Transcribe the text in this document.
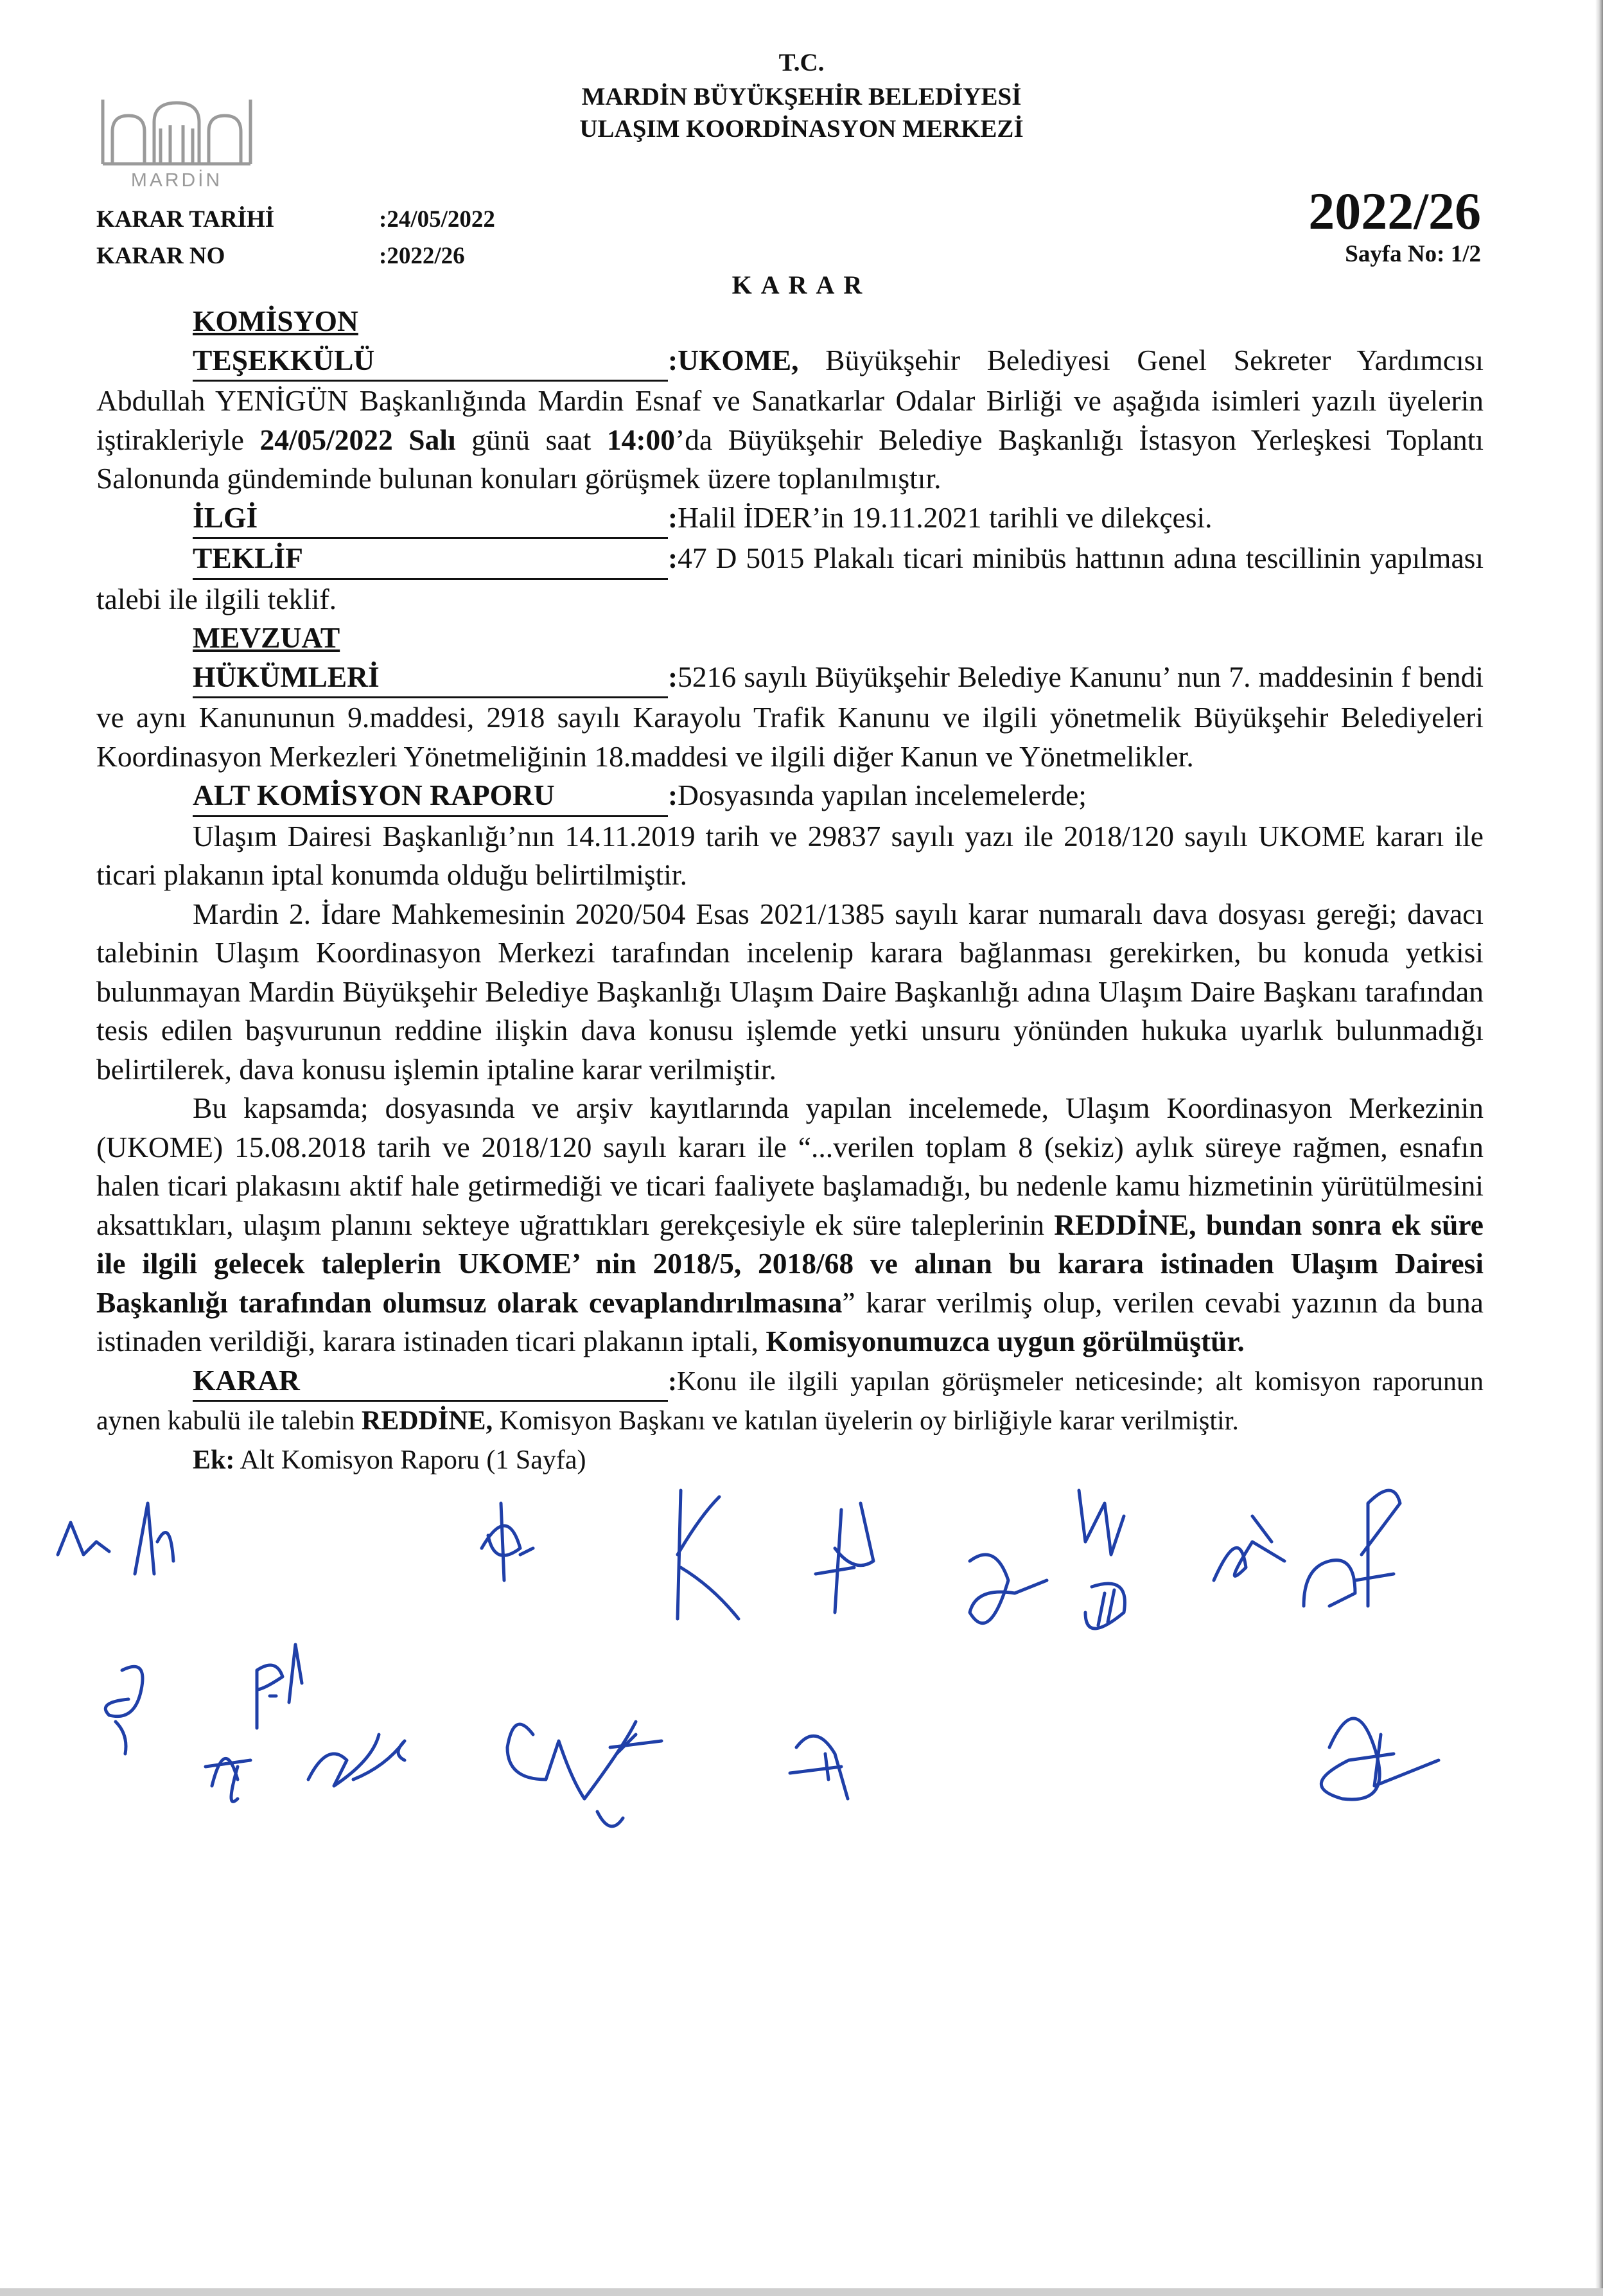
MARDİN
T.C.
MARDİN BÜYÜKŞEHİR BELEDİYESİ
ULAŞIM KOORDİNASYON MERKEZİ
KARAR TARİHİ	:24/05/2022
KARAR NO	:2022/26
2022/26
Sayfa No: 1/2
KARAR
KOMİSYON

TEŞEKKÜLÜ	:UKOME, Büyükşehir Belediyesi Genel Sekreter Yardımcısı Abdullah YENİGÜN Başkanlığında Mardin Esnaf ve Sanatkarlar Odalar Birliği ve aşağıda isimleri yazılı üyelerin iştirakleriyle 24/05/2022 Salı günü saat 14:00’da Büyükşehir Belediye Başkanlığı İstasyon Yerleşkesi Toplantı Salonunda gündeminde bulunan konuları görüşmek üzere toplanılmıştır.

İLGİ	:Halil İDER’in 19.11.2021 tarihli ve dilekçesi.

TEKLİF	:47 D 5015 Plakalı ticari minibüs hattının adına tescillinin yapılması talebi ile ilgili teklif.

MEVZUAT

HÜKÜMLERİ	:5216 sayılı Büyükşehir Belediye Kanunu’ nun 7. maddesinin f bendi ve aynı Kanununun 9.maddesi, 2918 sayılı Karayolu Trafik Kanunu ve ilgili yönetmelik Büyükşehir Belediyeleri Koordinasyon Merkezleri Yönetmeliğinin 18.maddesi ve ilgili diğer Kanun ve Yönetmelikler.

ALT KOMİSYON RAPORU	:Dosyasında yapılan incelemelerde;

Ulaşım Dairesi Başkanlığı’nın 14.11.2019 tarih ve 29837 sayılı yazı ile 2018/120 sayılı UKOME kararı ile ticari plakanın iptal konumda olduğu belirtilmiştir.

Mardin 2. İdare Mahkemesinin 2020/504 Esas 2021/1385 sayılı karar numaralı dava dosyası gereği; davacı talebinin Ulaşım Koordinasyon Merkezi tarafından incelenip karara bağlanması gerekirken, bu konuda yetkisi bulunmayan Mardin Büyükşehir Belediye Başkanlığı Ulaşım Daire Başkanlığı adına Ulaşım Daire Başkanı tarafından tesis edilen başvurunun reddine ilişkin dava konusu işlemde yetki unsuru yönünden hukuka uyarlık bulunmadığı belirtilerek, dava konusu işlemin iptaline karar verilmiştir.

Bu kapsamda; dosyasında ve arşiv kayıtlarında yapılan incelemede, Ulaşım Koordinasyon Merkezinin (UKOME) 15.08.2018 tarih ve 2018/120 sayılı kararı ile “...verilen toplam 8 (sekiz) aylık süreye rağmen, esnafın halen ticari plakasını aktif hale getirmediği ve ticari faaliyete başlamadığı, bu nedenle kamu hizmetinin yürütülmesini aksattıkları, ulaşım planını sekteye uğrattıkları gerekçesiyle ek süre taleplerinin REDDİNE, bundan sonra ek süre ile ilgili gelecek taleplerin UKOME’ nin 2018/5, 2018/68 ve alınan bu karara istinaden Ulaşım Dairesi Başkanlığı tarafından olumsuz olarak cevaplandırılmasına” karar verilmiş olup, verilen cevabi yazının da buna istinaden verildiği, karara istinaden ticari plakanın iptali, Komisyonumuzca uygun görülmüştür.

KARAR	:Konu ile ilgili yapılan görüşmeler neticesinde; alt komisyon raporunun aynen kabulü ile talebin REDDİNE, Komisyon Başkanı ve katılan üyelerin oy birliğiyle karar verilmiştir.

Ek: Alt Komisyon Raporu (1 Sayfa)
